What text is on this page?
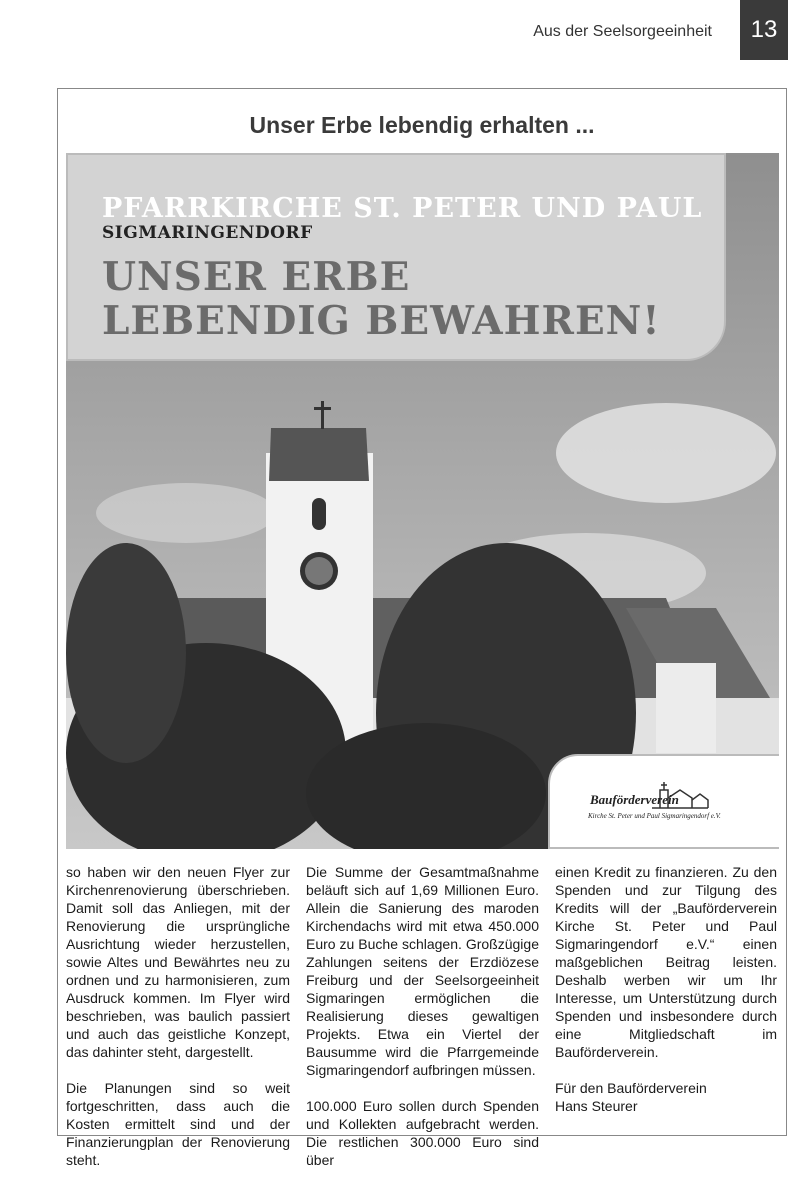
Aus der Seelsorgeeinheit	13
Unser Erbe lebendig erhalten ...
PFARRKIRCHE ST. PETER UND PAUL
SIGMARINGENDORF
UNSER ERBE
LEBENDIG BEWAHREN!
Bauförderverein
Kirche St. Peter und Paul Sigmaringendorf e.V.

so haben wir den neuen Flyer zur Kirchenrenovierung überschrieben. Damit soll das Anliegen, mit der Renovierung die ursprüngliche Ausrichtung wieder herzustellen, sowie Altes und Bewährtes neu zu ordnen und zu harmonisieren, zum Ausdruck kommen. Im Flyer wird beschrieben, was baulich passiert und auch das geistliche Konzept, das dahinter steht, dargestellt.

Die Planungen sind so weit fortgeschritten, dass auch die Kosten ermittelt sind und der Finanzierungplan der Renovierung steht.

Die Summe der Gesamtmaßnahme beläuft sich auf 1,69 Millionen Euro. Allein die Sanierung des maroden Kirchendachs wird mit etwa 450.000 Euro zu Buche schlagen. Großzügige Zahlungen seitens der Erzdiözese Freiburg und der Seelsorgeeinheit Sigmaringen ermöglichen die Realisierung dieses gewaltigen Projekts. Etwa ein Viertel der Bausumme wird die Pfarrgemeinde Sigmaringendorf aufbringen müssen.

100.000 Euro sollen durch Spenden und Kollekten aufgebracht werden. Die restlichen 300.000 Euro sind über

einen Kredit zu finanzieren. Zu den Spenden und zur Tilgung des Kredits will der „Bauförderverein Kirche St. Peter und Paul Sigmaringendorf e.V.“ einen maßgeblichen Beitrag leisten. Deshalb werben wir um Ihr Interesse, um Unterstützung durch Spenden und insbesondere durch eine Mitgliedschaft im Bauförderverein.

Für den Bauförderverein

Hans Steurer
